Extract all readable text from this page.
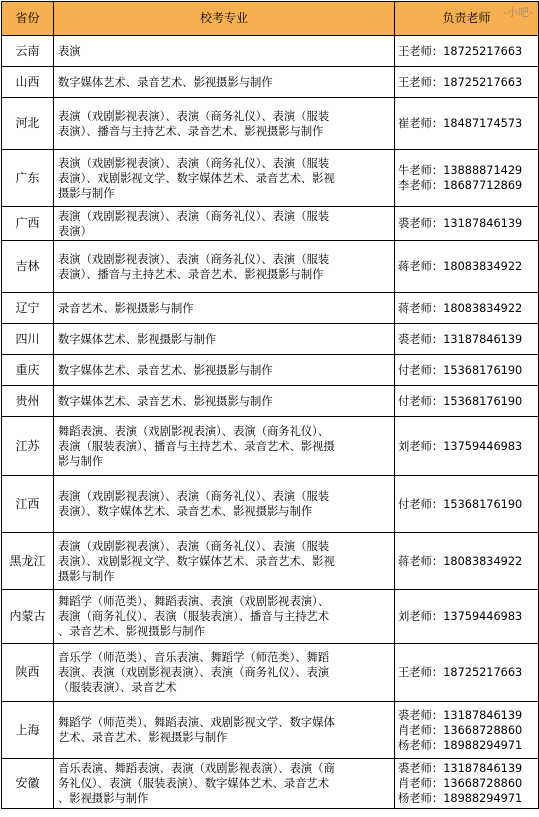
省份	校考专业	负责老师
云南	表演	王老师：18725217663

山西	数字媒体艺术、录音艺术、影视摄影与制作	王老师：18725217663

河北	表演（戏剧影视表演）、表演（商务礼仪）、表演（服装
表演）、播音与主持艺术、录音艺术、影视摄影与制作	崔老师：18487174573

广东	表演（戏剧影视表演）、表演（商务礼仪）、表演（服装
表演）、戏剧影视文学、数字媒体艺术、录音艺术、影视
摄影与制作	牛老师：13888871429
李老师：18687712869

广西	表演（戏剧影视表演）、表演（商务礼仪）、表演（服装
表演）	裘老师：13187846139

吉林	表演（戏剧影视表演）、表演（商务礼仪）、表演（服装
表演）、播音与主持艺术、录音艺术、影视摄影与制作	蒋老师：18083834922

辽宁	录音艺术、影视摄影与制作	蒋老师：18083834922

四川	数字媒体艺术、影视摄影与制作	裘老师：13187846139

重庆	数字媒体艺术、录音艺术、影视摄影与制作	付老师：15368176190

贵州	数字媒体艺术、录音艺术、影视摄影与制作	付老师：15368176190

江苏	舞蹈表演、表演（戏剧影视表演）、表演（商务礼仪）、
表演（服装表演）、播音与主持艺术、录音艺术、影视摄
影与制作	刘老师：13759446983

江西	表演（戏剧影视表演）、表演（商务礼仪）、表演（服装
表演）、数字媒体艺术、录音艺术、影视摄影与制作	付老师：15368176190

黑龙江	表演（戏剧影视表演）、表演（商务礼仪）、表演（服装
表演）、戏剧影视文学、数字媒体艺术、录音艺术、影视
摄影与制作	蒋老师：18083834922

内蒙古	舞蹈学（师范类）、舞蹈表演、表演（戏剧影视表演）、
表演（商务礼仪）、表演（服装表演）、播音与主持艺术
、录音艺术、影视摄影与制作	刘老师：13759446983

陕西	音乐学（师范类）、音乐表演、舞蹈学（师范类）、舞蹈
表演、表演（戏剧影视表演）、表演（商务礼仪）、表演
（服装表演）、录音艺术	王老师：18725217663

上海	舞蹈学（师范类）、舞蹈表演、戏剧影视文学、数字媒体
艺术、录音艺术、影视摄影与制作	裘老师：13187846139
肖老师：13668728860
杨老师：18988294971

安徽	音乐表演、舞蹈表演、表演（戏剧影视表演）、表演（商
务礼仪）、表演（服装表演）、数字媒体艺术、录音艺术
、影视摄影与制作	裘老师：13187846139
肖老师：13668728860
杨老师：18988294971
-小吧-
